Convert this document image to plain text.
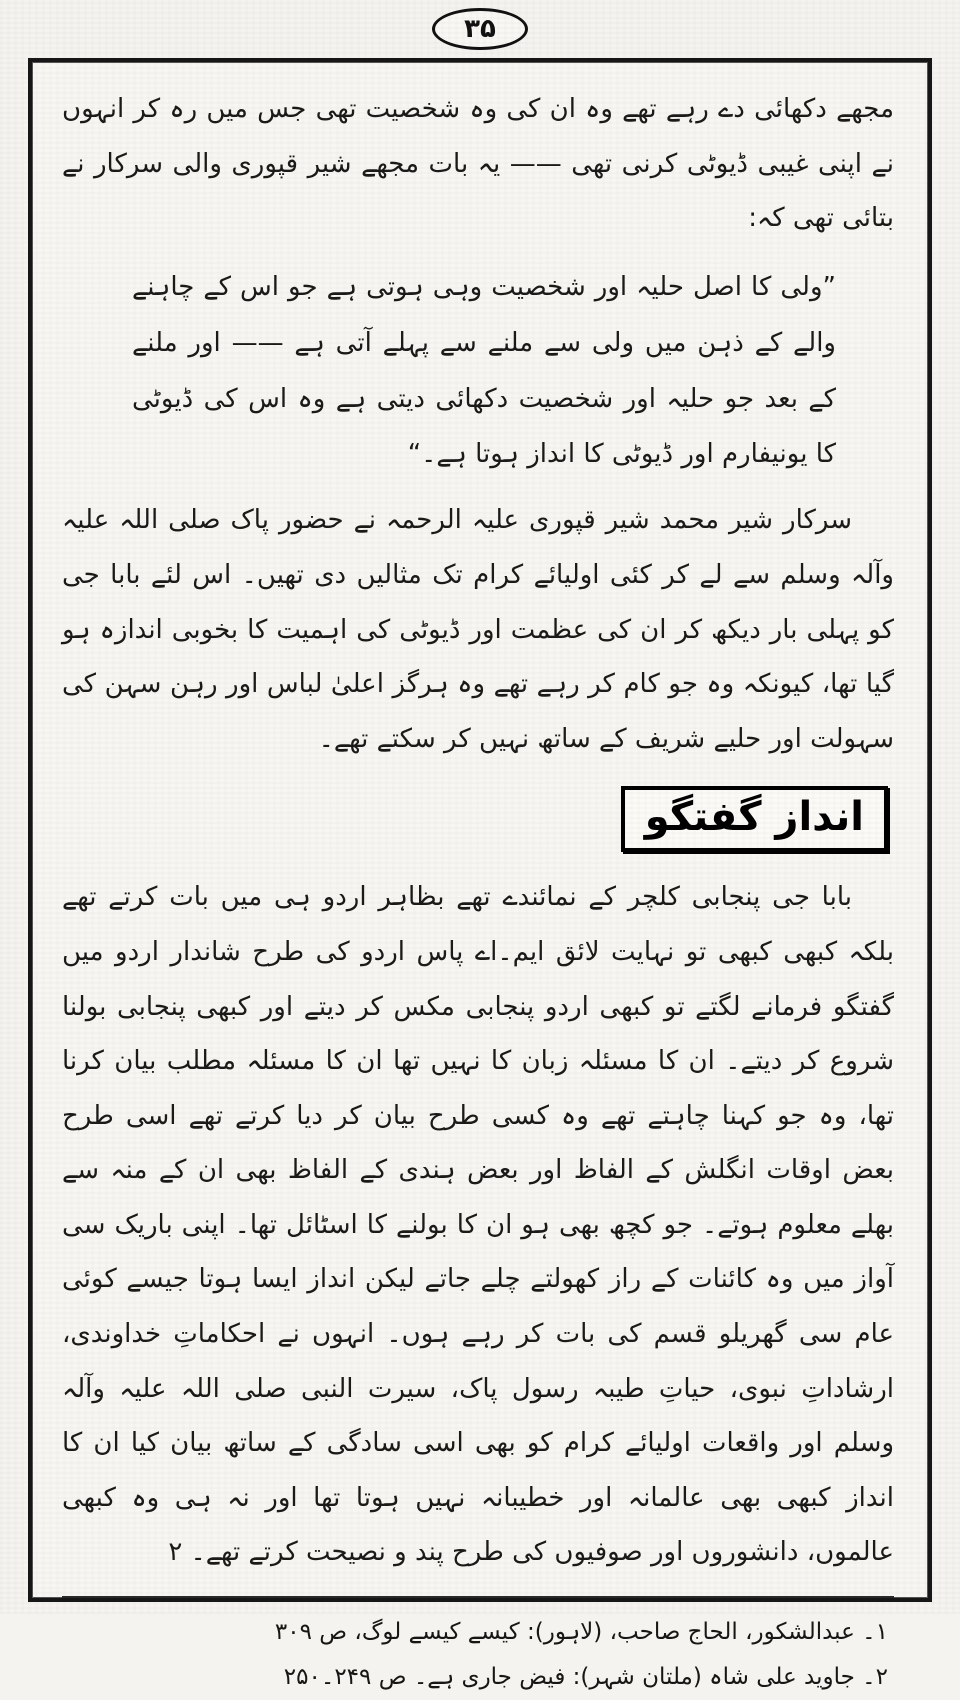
۳۵

مجھے دکھائی دے رہے تھے وہ ان کی وہ شخصیت تھی جس میں رہ کر انہوں نے اپنی غیبی ڈیوٹی کرنی تھی —— یہ بات مجھے شیر قپوری والی سرکار نے بتائی تھی کہ:

”ولی کا اصل حلیہ اور شخصیت وہی ہوتی ہے جو اس کے چاہنے والے کے ذہن میں ولی سے ملنے سے پہلے آتی ہے —— اور ملنے کے بعد جو حلیہ اور شخصیت دکھائی دیتی ہے وہ اس کی ڈیوٹی کا یونیفارم اور ڈیوٹی کا انداز ہوتا ہے۔“

سرکار شیر محمد شیر قپوری علیہ الرحمہ نے حضور پاک صلی اللہ علیہ وآلہ وسلم سے لے کر کئی اولیائے کرام تک مثالیں دی تھیں۔ اس لئے بابا جی کو پہلی بار دیکھ کر ان کی عظمت اور ڈیوٹی کی اہمیت کا بخوبی اندازہ ہو گیا تھا، کیونکہ وہ جو کام کر رہے تھے وہ ہرگز اعلیٰ لباس اور رہن سہن کی سہولت اور حلیے شریف کے ساتھ نہیں کر سکتے تھے۔

انداز گفتگو

بابا جی پنجابی کلچر کے نمائندے تھے بظاہر اردو ہی میں بات کرتے تھے بلکہ کبھی کبھی تو نہایت لائق ایم۔اے پاس اردو کی طرح شاندار اردو میں گفتگو فرمانے لگتے تو کبھی اردو پنجابی مکس کر دیتے اور کبھی پنجابی بولنا شروع کر دیتے۔ ان کا مسئلہ زبان کا نہیں تھا ان کا مسئلہ مطلب بیان کرنا تھا، وہ جو کہنا چاہتے تھے وہ کسی طرح بیان کر دیا کرتے تھے اسی طرح بعض اوقات انگلش کے الفاظ اور بعض ہندی کے الفاظ بھی ان کے منہ سے بھلے معلوم ہوتے۔ جو کچھ بھی ہو ان کا بولنے کا اسٹائل تھا۔ اپنی باریک سی آواز میں وہ کائنات کے راز کھولتے چلے جاتے لیکن انداز ایسا ہوتا جیسے کوئی عام سی گھریلو قسم کی بات کر رہے ہوں۔ انہوں نے احکاماتِ خداوندی، ارشاداتِ نبوی، حیاتِ طیبہ رسول پاک، سیرت النبی صلی اللہ علیہ وآلہ وسلم اور واقعات اولیائے کرام کو بھی اسی سادگی کے ساتھ بیان کیا ان کا انداز کبھی بھی عالمانہ اور خطیبانہ نہیں ہوتا تھا اور نہ ہی وہ کبھی عالموں، دانشوروں اور صوفیوں کی طرح پند و نصیحت کرتے تھے۔ ۲

۱۔ عبدالشکور، الحاج صاحب، (لاہور): کیسے کیسے لوگ، ص ۳۰۹

۲۔ جاوید علی شاہ (ملتان شہر): فیض جاری ہے۔ ص ۲۴۹۔۲۵۰
